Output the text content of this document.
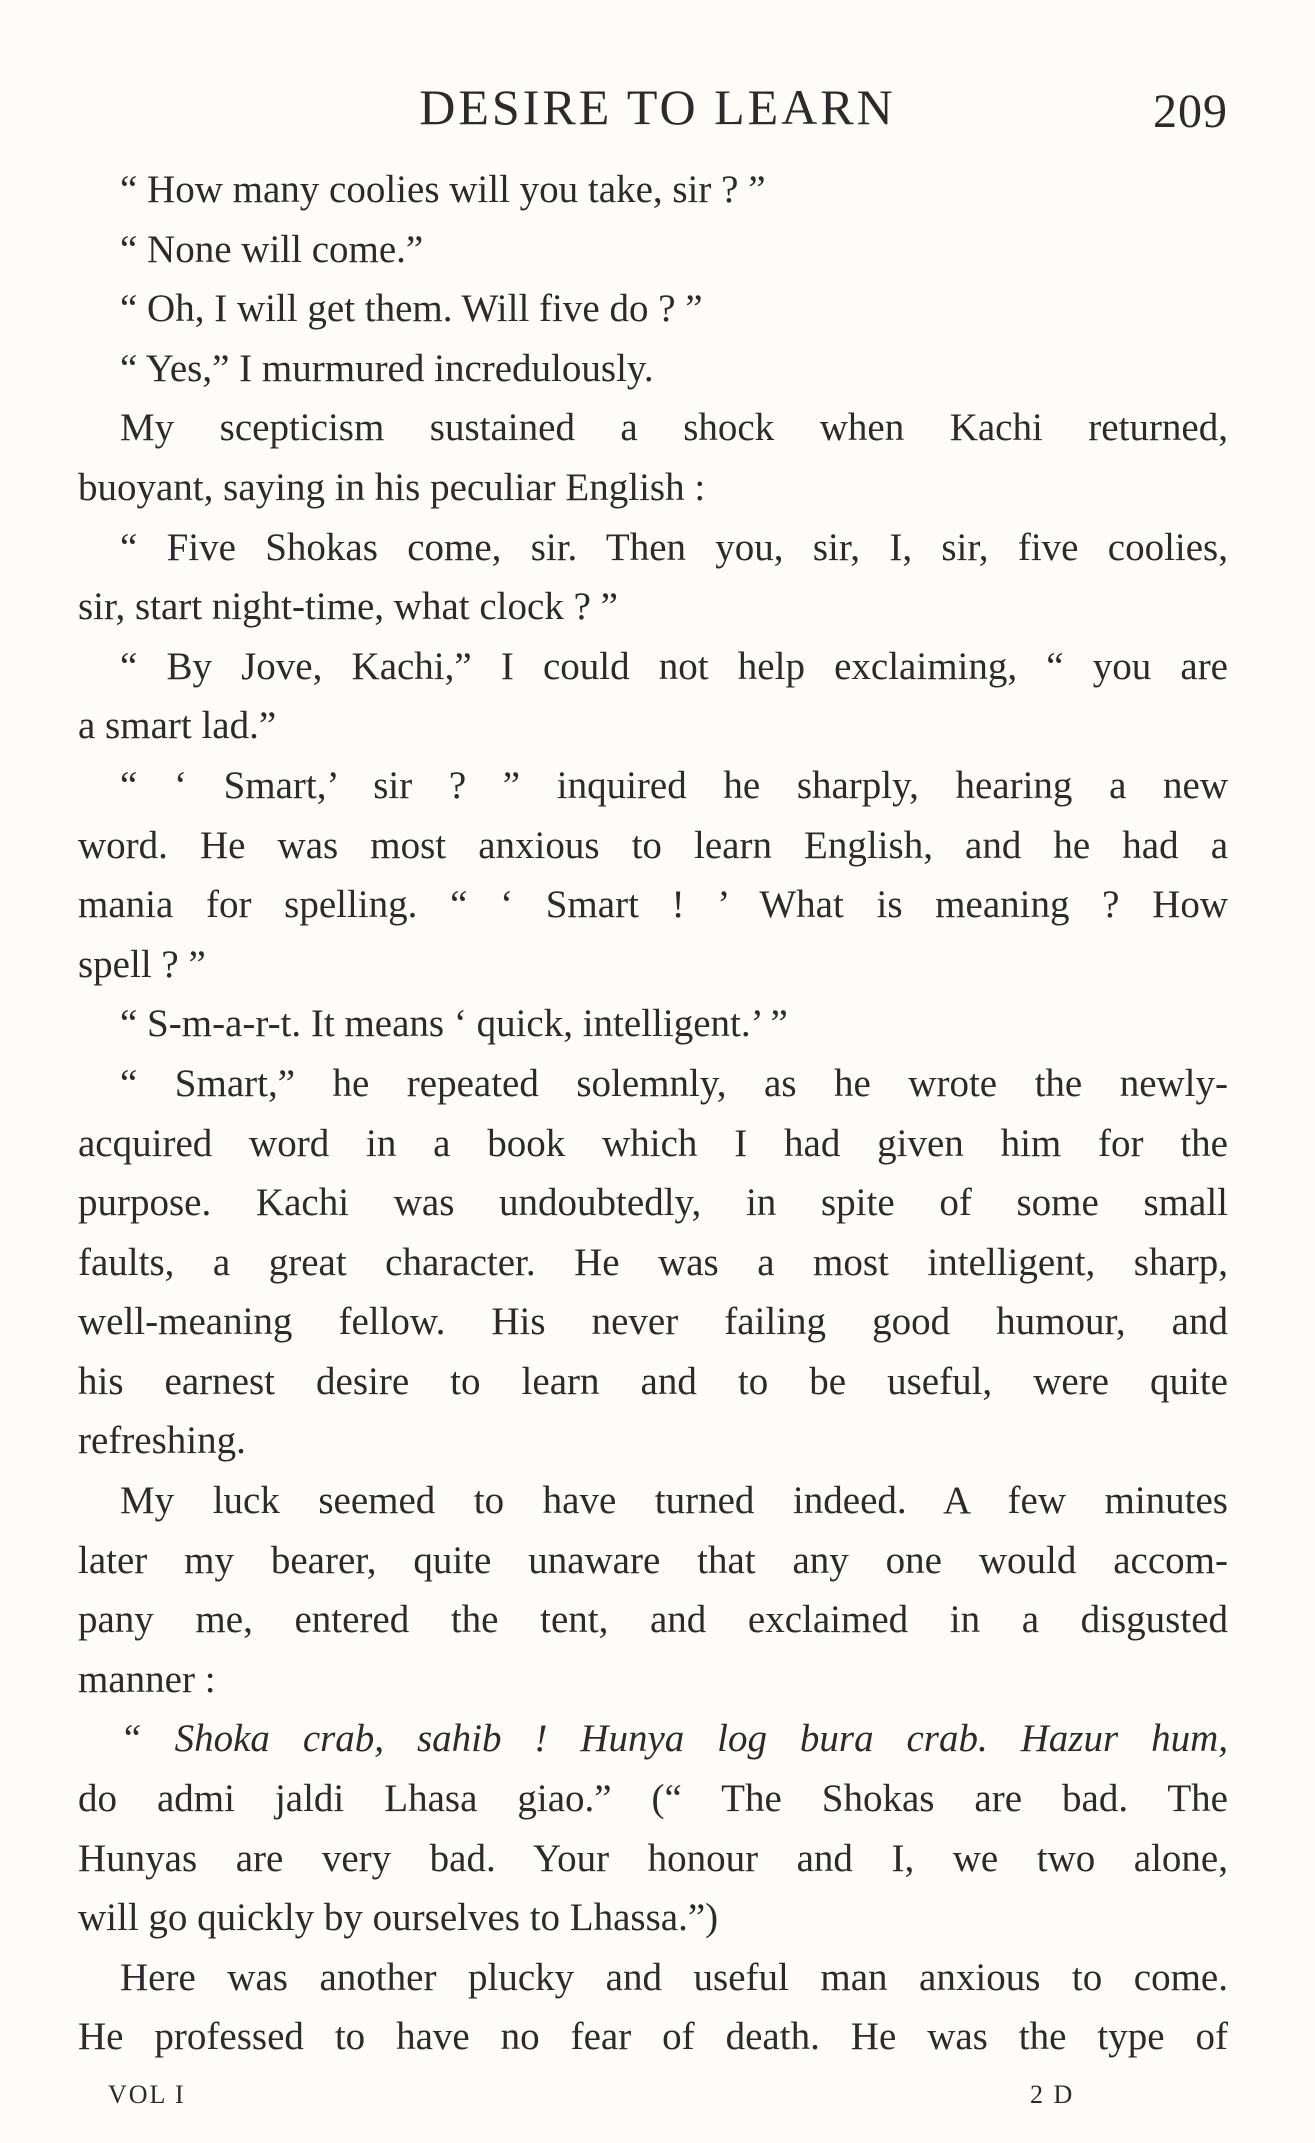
DESIRE TO LEARN	209
“ How many coolies will you take, sir ? ”
“ None will come.”
“ Oh, I will get them. Will five do ? ”
“ Yes,” I murmured incredulously.
My scepticism sustained a shock when Kachi returned,
buoyant, saying in his peculiar English :
“ Five Shokas come, sir. Then you, sir, I, sir, five coolies,
sir, start night-time, what clock ? ”
“ By Jove, Kachi,” I could not help exclaiming, “ you are
a smart lad.”
“ ‘ Smart,’ sir ? ” inquired he sharply, hearing a new
word. He was most anxious to learn English, and he had a
mania for spelling. “ ‘ Smart ! ’ What is meaning ? How
spell ? ”
“ S-m-a-r-t. It means ‘ quick, intelligent.’ ”
“ Smart,” he repeated solemnly, as he wrote the newly-
acquired word in a book which I had given him for the
purpose. Kachi was undoubtedly, in spite of some small
faults, a great character. He was a most intelligent, sharp,
well-meaning fellow. His never failing good humour, and
his earnest desire to learn and to be useful, were quite
refreshing.
My luck seemed to have turned indeed. A few minutes
later my bearer, quite unaware that any one would accom-
pany me, entered the tent, and exclaimed in a disgusted
manner :
“ Shoka crab, sahib ! Hunya log bura crab. Hazur hum,
do admi jaldi Lhasa giao.” (“ The Shokas are bad. The
Hunyas are very bad. Your honour and I, we two alone,
will go quickly by ourselves to Lhassa.”)
Here was another plucky and useful man anxious to come.
He professed to have no fear of death. He was the type of
VOL I	2 D
